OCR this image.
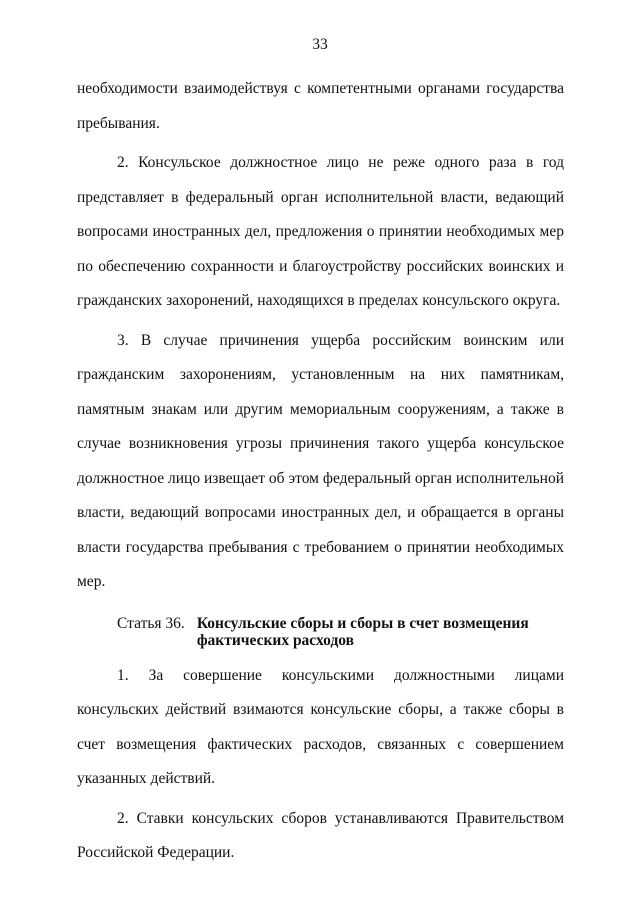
33

необходимости взаимодействуя с компетентными органами государства пребывания.

2. Консульское должностное лицо не реже одного раза в год представляет в федеральный орган исполнительной власти, ведающий вопросами иностранных дел, предложения о принятии необходимых мер по обеспечению сохранности и благоустройству российских воинских и гражданских захоронений, находящихся в пределах консульского округа.

3. В случае причинения ущерба российским воинским или гражданским захоронениям, установленным на них памятникам, памятным знакам или другим мемориальным сооружениям, а также в случае возникновения угрозы причинения такого ущерба консульское должностное лицо извещает об этом федеральный орган исполнительной власти, ведающий вопросами иностранных дел, и обращается в органы власти государства пребывания с требованием о принятии необходимых мер.

Статья 36. Консульские сборы и сборы в счет возмещения фактических расходов

1. За совершение консульскими должностными лицами консульских действий взимаются консульские сборы, а также сборы в счет возмещения фактических расходов, связанных с совершением указанных действий.

2. Ставки консульских сборов устанавливаются Правительством Российской Федерации.
